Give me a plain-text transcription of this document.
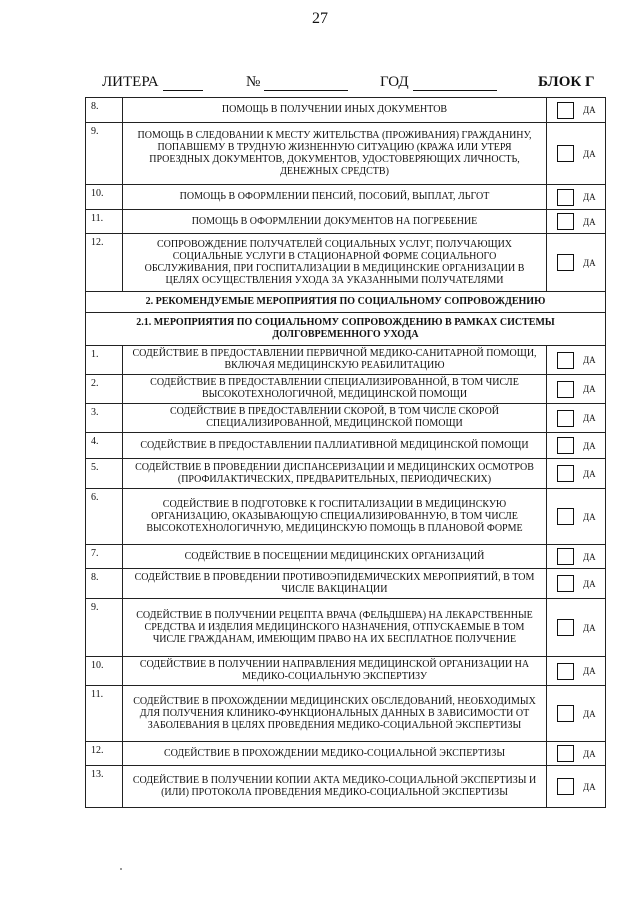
27
ЛИТЕРА	№	ГОД	БЛОК Г
8.	ПОМОЩЬ В ПОЛУЧЕНИИ ИНЫХ ДОКУМЕНТОВ	ДА

9.	ПОМОЩЬ В СЛЕДОВАНИИ К МЕСТУ ЖИТЕЛЬСТВА (ПРОЖИВАНИЯ) ГРАЖДАНИНУ, ПОПАВШЕМУ В ТРУДНУЮ ЖИЗНЕННУЮ СИТУАЦИЮ (КРАЖА ИЛИ УТЕРЯ ПРОЕЗДНЫХ ДОКУМЕНТОВ, ДОКУМЕНТОВ, УДОСТОВЕРЯЮЩИХ ЛИЧНОСТЬ, ДЕНЕЖНЫХ СРЕДСТВ)	ДА

10.	ПОМОЩЬ В ОФОРМЛЕНИИ ПЕНСИЙ, ПОСОБИЙ, ВЫПЛАТ, ЛЬГОТ	ДА

11.	ПОМОЩЬ В ОФОРМЛЕНИИ ДОКУМЕНТОВ НА ПОГРЕБЕНИЕ	ДА

12.	СОПРОВОЖДЕНИЕ ПОЛУЧАТЕЛЕЙ СОЦИАЛЬНЫХ УСЛУГ, ПОЛУЧАЮЩИХ СОЦИАЛЬНЫЕ УСЛУГИ В СТАЦИОНАРНОЙ ФОРМЕ СОЦИАЛЬНОГО ОБСЛУЖИВАНИЯ, ПРИ ГОСПИТАЛИЗАЦИИ В МЕДИЦИНСКИЕ ОРГАНИЗАЦИИ В ЦЕЛЯХ ОСУЩЕСТВЛЕНИЯ УХОДА ЗА УКАЗАННЫМИ ПОЛУЧАТЕЛЯМИ	ДА

2. РЕКОМЕНДУЕМЫЕ МЕРОПРИЯТИЯ ПО СОЦИАЛЬНОМУ СОПРОВОЖДЕНИЮ		
2.1. МЕРОПРИЯТИЯ ПО СОЦИАЛЬНОМУ СОПРОВОЖДЕНИЮ В РАМКАХ СИСТЕМЫ ДОЛГОВРЕМЕННОГО УХОДА		
1.	СОДЕЙСТВИЕ В ПРЕДОСТАВЛЕНИИ ПЕРВИЧНОЙ МЕДИКО-САНИТАРНОЙ ПОМОЩИ, ВКЛЮЧАЯ МЕДИЦИНСКУЮ РЕАБИЛИТАЦИЮ	ДА

2.	СОДЕЙСТВИЕ В ПРЕДОСТАВЛЕНИИ СПЕЦИАЛИЗИРОВАННОЙ, В ТОМ ЧИСЛЕ ВЫСОКОТЕХНОЛОГИЧНОЙ, МЕДИЦИНСКОЙ ПОМОЩИ	ДА

3.	СОДЕЙСТВИЕ В ПРЕДОСТАВЛЕНИИ СКОРОЙ, В ТОМ ЧИСЛЕ СКОРОЙ СПЕЦИАЛИЗИРОВАННОЙ, МЕДИЦИНСКОЙ ПОМОЩИ	ДА

4.	СОДЕЙСТВИЕ В ПРЕДОСТАВЛЕНИИ ПАЛЛИАТИВНОЙ МЕДИЦИНСКОЙ ПОМОЩИ	ДА

5.	СОДЕЙСТВИЕ В ПРОВЕДЕНИИ ДИСПАНСЕРИЗАЦИИ И МЕДИЦИНСКИХ ОСМОТРОВ (ПРОФИЛАКТИЧЕСКИХ, ПРЕДВАРИТЕЛЬНЫХ, ПЕРИОДИЧЕСКИХ)	ДА

6.	СОДЕЙСТВИЕ В ПОДГОТОВКЕ К ГОСПИТАЛИЗАЦИИ В МЕДИЦИНСКУЮ ОРГАНИЗАЦИЮ, ОКАЗЫВАЮЩУЮ СПЕЦИАЛИЗИРОВАННУЮ, В ТОМ ЧИСЛЕ ВЫСОКОТЕХНОЛОГИЧНУЮ, МЕДИЦИНСКУЮ ПОМОЩЬ В ПЛАНОВОЙ ФОРМЕ	ДА

7.	СОДЕЙСТВИЕ В ПОСЕЩЕНИИ МЕДИЦИНСКИХ ОРГАНИЗАЦИЙ	ДА

8.	СОДЕЙСТВИЕ В ПРОВЕДЕНИИ ПРОТИВОЭПИДЕМИЧЕСКИХ МЕРОПРИЯТИЙ, В ТОМ ЧИСЛЕ ВАКЦИНАЦИИ	ДА

9.	СОДЕЙСТВИЕ В ПОЛУЧЕНИИ РЕЦЕПТА ВРАЧА (ФЕЛЬДШЕРА) НА ЛЕКАРСТВЕННЫЕ СРЕДСТВА И ИЗДЕЛИЯ МЕДИЦИНСКОГО НАЗНАЧЕНИЯ, ОТПУСКАЕМЫЕ В ТОМ ЧИСЛЕ ГРАЖДАНАМ, ИМЕЮЩИМ ПРАВО НА ИХ БЕСПЛАТНОЕ ПОЛУЧЕНИЕ	ДА

10.	СОДЕЙСТВИЕ В ПОЛУЧЕНИИ НАПРАВЛЕНИЯ МЕДИЦИНСКОЙ ОРГАНИЗАЦИИ НА МЕДИКО-СОЦИАЛЬНУЮ ЭКСПЕРТИЗУ	ДА

11.	СОДЕЙСТВИЕ В ПРОХОЖДЕНИИ МЕДИЦИНСКИХ ОБСЛЕДОВАНИЙ, НЕОБХОДИМЫХ ДЛЯ ПОЛУЧЕНИЯ КЛИНИКО-ФУНКЦИОНАЛЬНЫХ ДАННЫХ В ЗАВИСИМОСТИ ОТ ЗАБОЛЕВАНИЯ В ЦЕЛЯХ ПРОВЕДЕНИЯ МЕДИКО-СОЦИАЛЬНОЙ ЭКСПЕРТИЗЫ	ДА

12.	СОДЕЙСТВИЕ В ПРОХОЖДЕНИИ МЕДИКО-СОЦИАЛЬНОЙ ЭКСПЕРТИЗЫ	ДА

13.	СОДЕЙСТВИЕ В ПОЛУЧЕНИИ КОПИИ АКТА МЕДИКО-СОЦИАЛЬНОЙ ЭКСПЕРТИЗЫ И (ИЛИ) ПРОТОКОЛА ПРОВЕДЕНИЯ МЕДИКО-СОЦИАЛЬНОЙ ЭКСПЕРТИЗЫ	ДА
